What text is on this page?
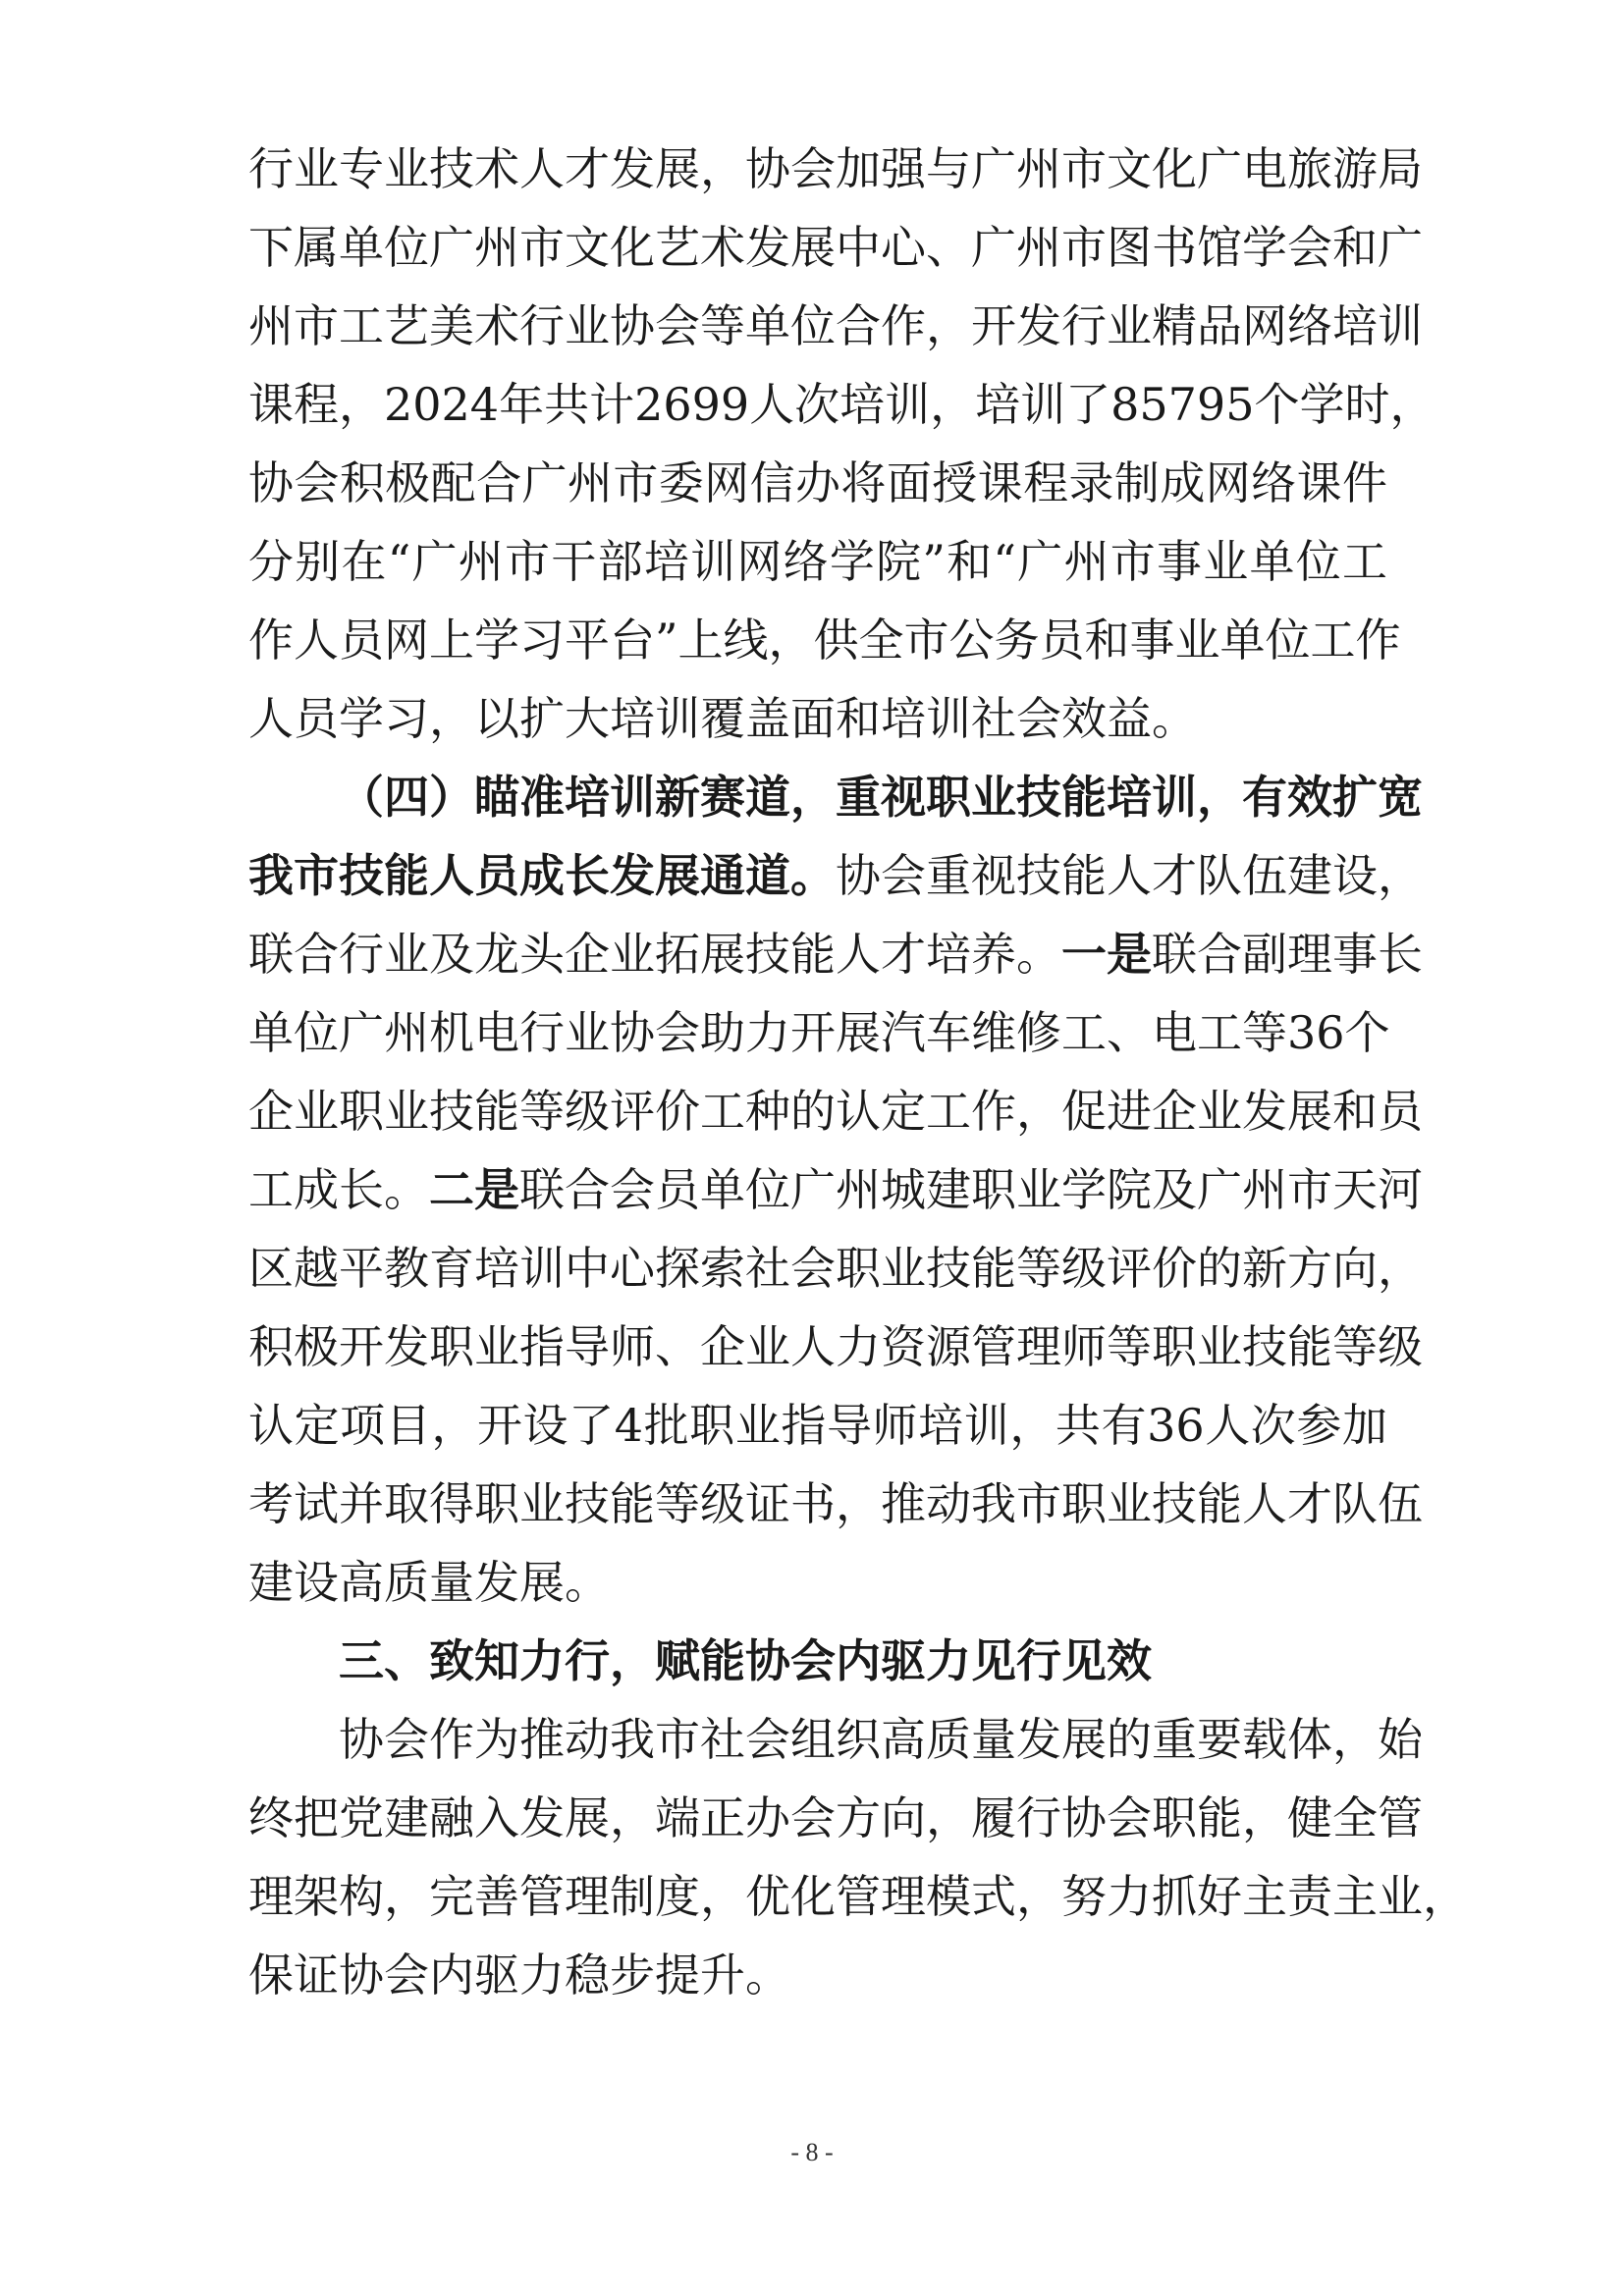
行业专业技术人才发展，协会加强与广州市文化广电旅游局
下属单位广州市文化艺术发展中心、广州市图书馆学会和广
州市工艺美术行业协会等单位合作，开发行业精品网络培训
课程，2024年共计2699人次培训，培训了85795个学时，
协会积极配合广州市委网信办将面授课程录制成网络课件
分别在“广州市干部培训网络学院”和“广州市事业单位工
作人员网上学习平台”上线，供全市公务员和事业单位工作
人员学习，以扩大培训覆盖面和培训社会效益。
（四）瞄准培训新赛道，重视职业技能培训，有效扩宽
我市技能人员成长发展通道。协会重视技能人才队伍建设，
联合行业及龙头企业拓展技能人才培养。一是联合副理事长
单位广州机电行业协会助力开展汽车维修工、电工等36个
企业职业技能等级评价工种的认定工作，促进企业发展和员
工成长。二是联合会员单位广州城建职业学院及广州市天河
区越平教育培训中心探索社会职业技能等级评价的新方向，
积极开发职业指导师、企业人力资源管理师等职业技能等级
认定项目，开设了4批职业指导师培训，共有36人次参加
考试并取得职业技能等级证书，推动我市职业技能人才队伍
建设高质量发展。
三、致知力行，赋能协会内驱力见行见效
协会作为推动我市社会组织高质量发展的重要载体，始
终把党建融入发展，端正办会方向，履行协会职能，健全管
理架构，完善管理制度，优化管理模式，努力抓好主责主业，
保证协会内驱力稳步提升。
- 8 -
